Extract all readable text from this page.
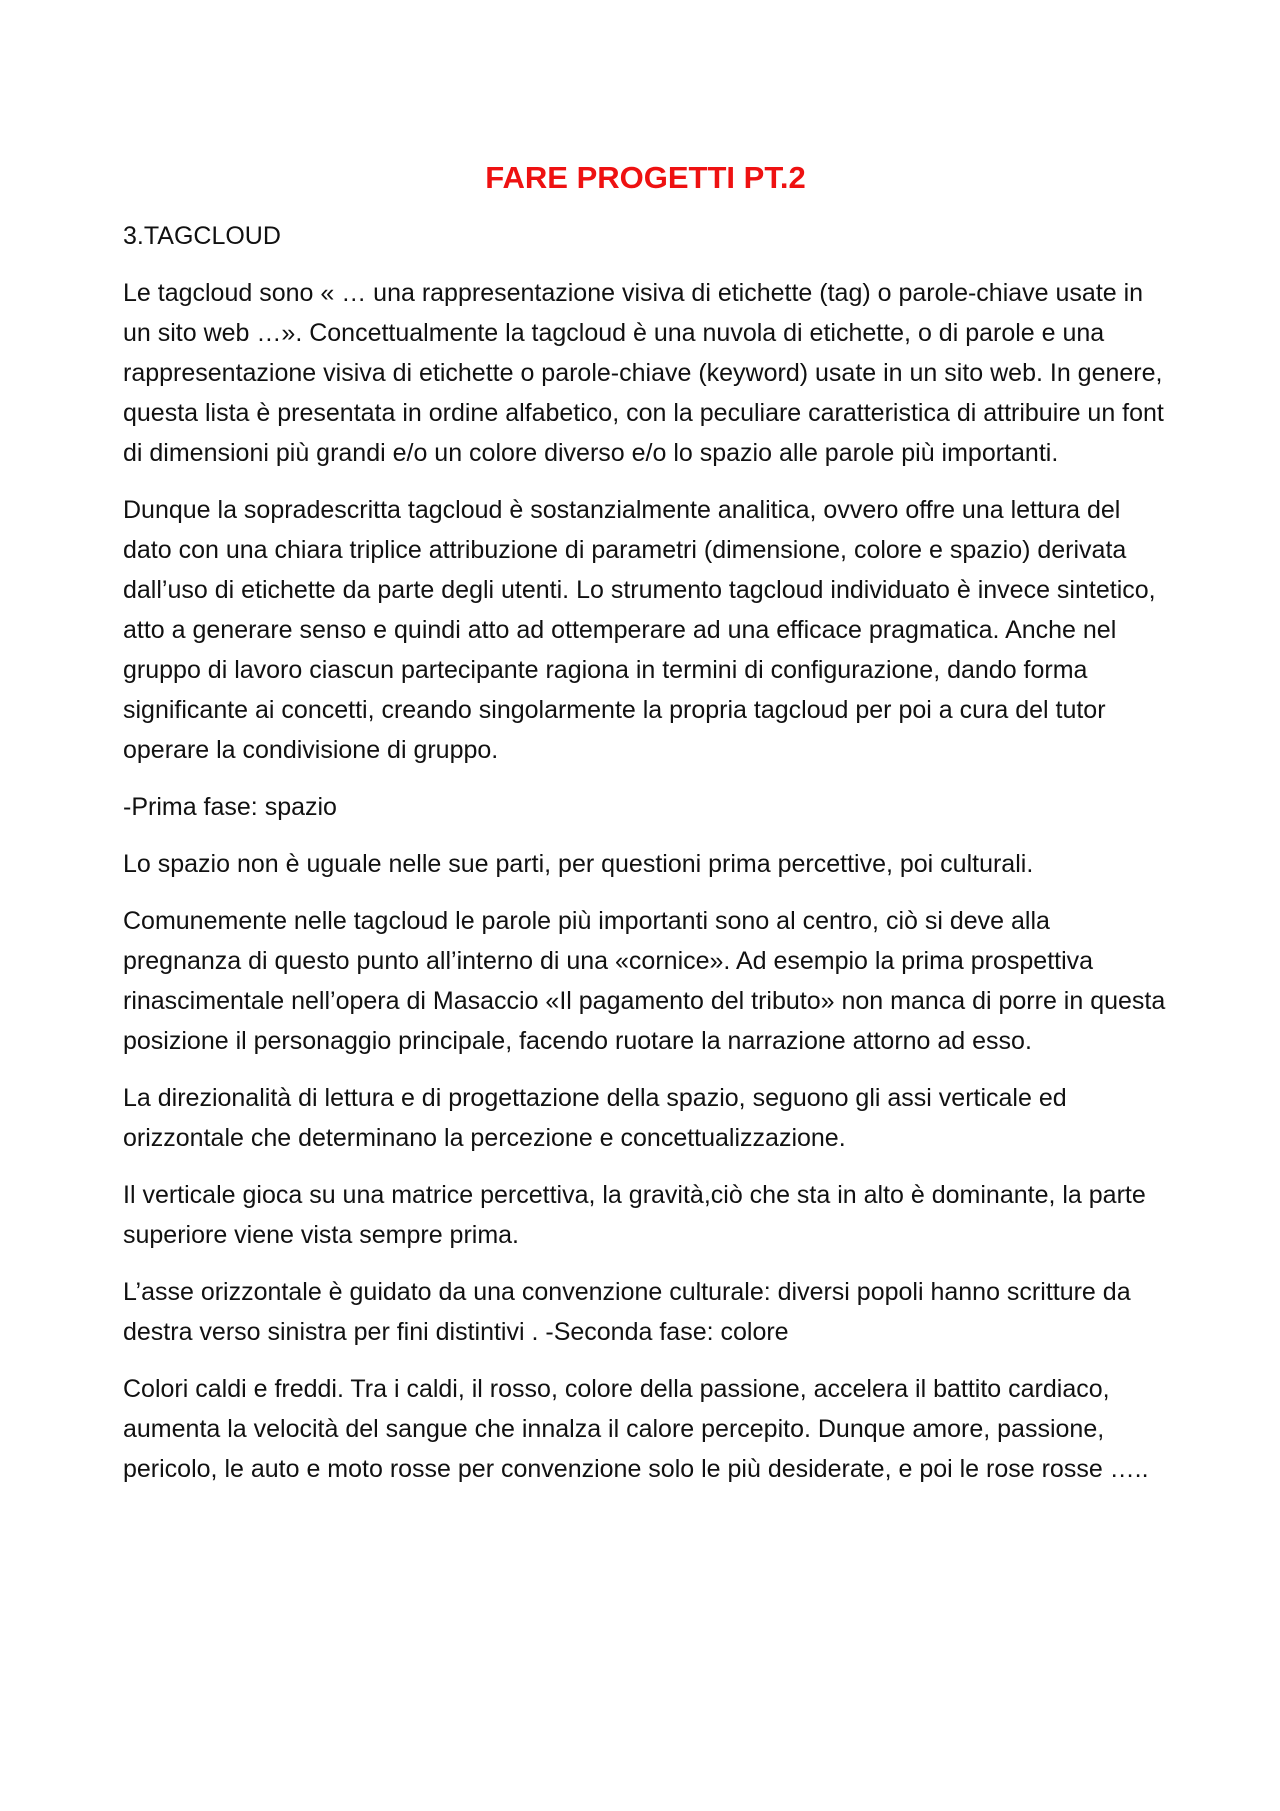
FARE PROGETTI PT.2

3.TAGCLOUD

Le tagcloud sono « … una rappresentazione visiva di etichette (tag) o parole-chiave usate in un sito web …». Concettualmente la tagcloud è una nuvola di etichette, o di parole e una rappresentazione visiva di etichette o parole-chiave (keyword) usate in un sito web. In genere, questa lista è presentata in ordine alfabetico, con la peculiare caratteristica di attribuire un font di dimensioni più grandi e/o un colore diverso e/o lo spazio alle parole più importanti.

Dunque la sopradescritta tagcloud è sostanzialmente analitica, ovvero offre una lettura del dato con una chiara triplice attribuzione di parametri (dimensione, colore e spazio) derivata dall’uso di etichette da parte degli utenti. Lo strumento tagcloud individuato è invece sintetico, atto a generare senso e quindi atto ad ottemperare ad una efficace pragmatica. Anche nel gruppo di lavoro ciascun partecipante ragiona in termini di configurazione, dando forma significante ai concetti, creando singolarmente la propria tagcloud per poi a cura del tutor operare la condivisione di gruppo.

-Prima fase: spazio

Lo spazio non è uguale nelle sue parti, per questioni prima percettive, poi culturali.

Comunemente nelle tagcloud le parole più importanti sono al centro, ciò si deve alla pregnanza di questo punto all’interno di una «cornice». Ad esempio la prima prospettiva rinascimentale nell’opera di Masaccio «Il pagamento del tributo» non manca di porre in questa posizione il personaggio principale, facendo ruotare la narrazione attorno ad esso.

La direzionalità di lettura e di progettazione della spazio, seguono gli assi verticale ed orizzontale che determinano la percezione e concettualizzazione.

Il verticale gioca su una matrice percettiva, la gravità,ciò che sta in alto è dominante, la parte superiore viene vista sempre prima.

L’asse orizzontale è guidato da una convenzione culturale: diversi popoli hanno scritture da destra verso sinistra per fini distintivi . -Seconda fase: colore

Colori caldi e freddi. Tra i caldi, il rosso, colore della passione, accelera il battito cardiaco, aumenta la velocità del sangue che innalza il calore percepito. Dunque amore, passione, pericolo, le auto e moto rosse per convenzione solo le più desiderate, e poi le rose rosse …..
